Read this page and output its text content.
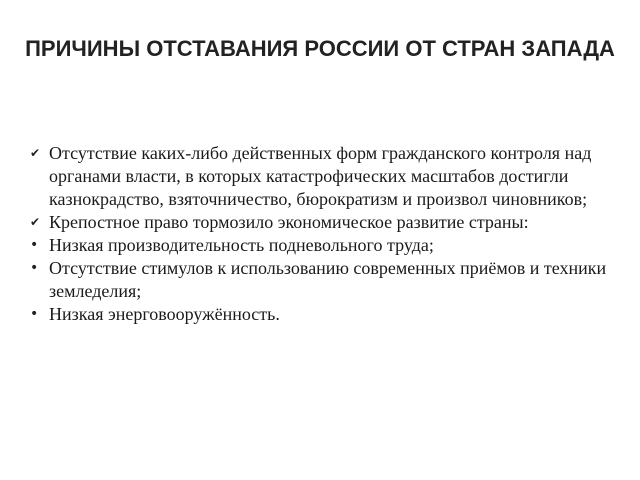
ПРИЧИНЫ ОТСТАВАНИЯ РОССИИ ОТ СТРАН ЗАПАДА
✔ Отсутствие каких-либо действенных форм гражданского контроля над органами власти, в которых катастрофических масштабов достигли казнокрадство, взяточничество, бюрократизм и произвол чиновников;
✔ Крепостное право тормозило экономическое развитие страны:
• Низкая производительность подневольного труда;
• Отсутствие стимулов к использованию современных приёмов и техники земледелия;
• Низкая энерговооружённость.
